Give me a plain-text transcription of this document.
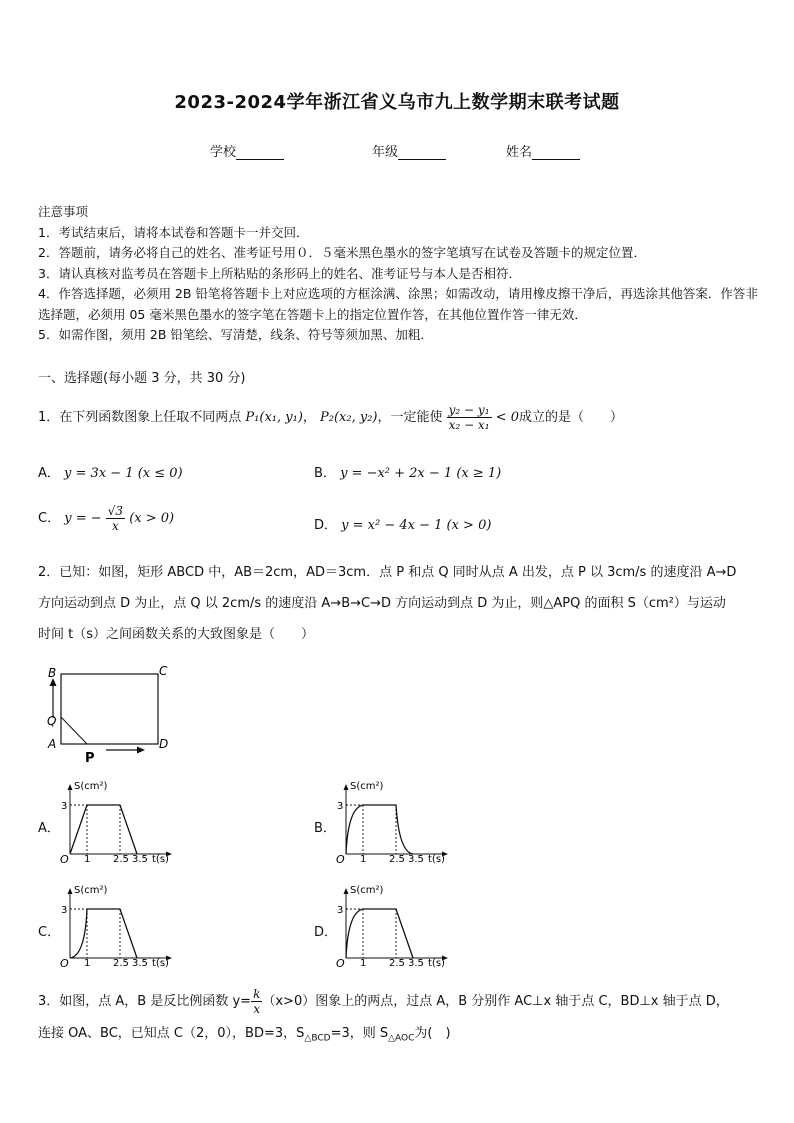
2023-2024学年浙江省义乌市九上数学期末联考试题
学校	年级	姓名
注意事项
1．考试结束后，请将本试卷和答题卡一并交回．
2．答题前，请务必将自己的姓名、准考证号用０．５毫米黑色墨水的签字笔填写在试卷及答题卡的规定位置．
3．请认真核对监考员在答题卡上所粘贴的条形码上的姓名、准考证号与本人是否相符．
4．作答选择题，必须用 2B 铅笔将答题卡上对应选项的方框涂满、涂黑；如需改动，请用橡皮擦干净后，再选涂其他答案．作答非选择题，必须用 05 毫米黑色墨水的签字笔在答题卡上的指定位置作答，在其他位置作答一律无效．
5．如需作图，须用 2B 铅笔绘、写清楚，线条、符号等须加黑、加粗．
一、选择题(每小题 3 分，共 30 分)
1．在下列函数图象上任取不同两点 P₁(x₁, y₁)， P₂(x₂, y₂)，一定能使 $\frac{\text{y₂ − y₁}}{\text{x₂ − x₁}} < 0$成立的是（　　）
A． y = 3x − 1 (x ≤ 0)	B． y = −x² + 2x − 1 (x ≥ 1)
C． y = − $\frac{√3}{x} (x > 0)$	D． y = x² − 4x − 1 (x > 0)
2．已知：如图，矩形 ABCD 中，AB＝2cm，AD＝3cm．点 P 和点 Q 同时从点 A 出发，点 P 以 3cm/s 的速度沿 A→D
方向运动到点 D 为止，点 Q 以 2cm/s 的速度沿 A→B→C→D 方向运动到点 D 为止，则△APQ 的面积 S（cm²）与运动
时间 t（s）之间函数关系的大致图象是（　　）
B	C
A	D
Q
P
A．	B．
C．	D．
S(cm²)
t(s)
O
3
1 2.5 3.5
S(cm²)
t(s)
O
3
1 2.5 3.5
S(cm²)
t(s)
O
3
1 2.5 3.5
S(cm²)
t(s)
O
3
1 2.5 3.5
3．如图，点 A，B 是反比例函数 $y= \frac{k}{x} (x>0)$图象上的两点，过点 A，B 分别作 AC⊥x 轴于点 C，BD⊥x 轴于点 D，
连接 OA、BC，已知点 C（2，0），BD=3，$S_{\triangle BCD}=3$，则 $S_{\triangle AOC}$为(　)
